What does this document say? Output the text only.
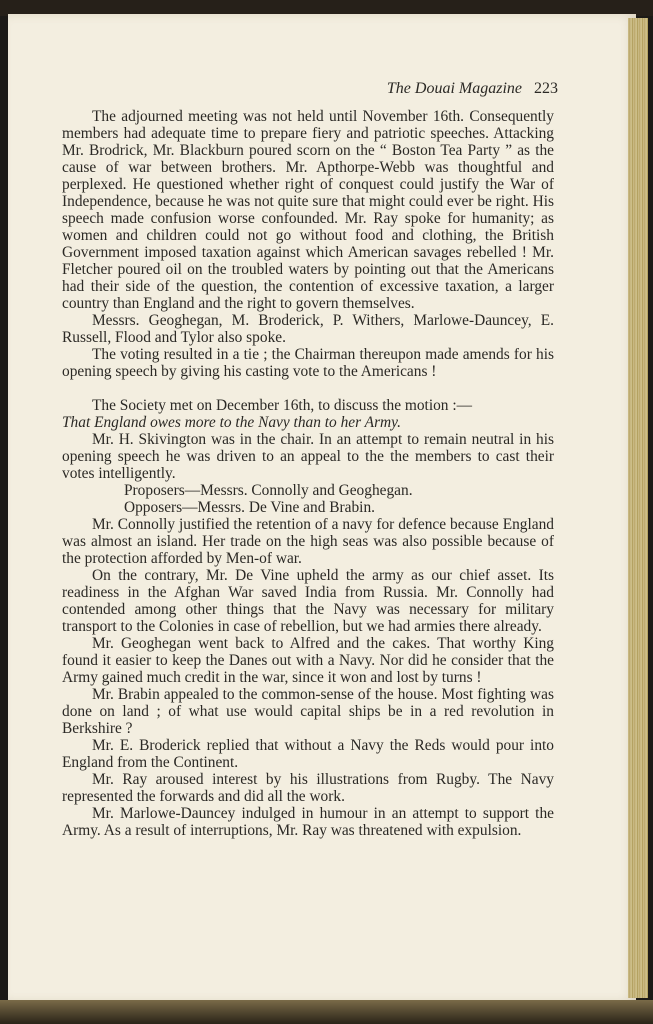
The Douai Magazine 223

The adjourned meeting was not held until November 16th. Consequently members had adequate time to prepare fiery and patriotic speeches. Attacking Mr. Brodrick, Mr. Blackburn poured scorn on the “ Boston Tea Party ” as the cause of war between brothers. Mr. Apthorpe-Webb was thoughtful and perplexed. He questioned whether right of conquest could justify the War of Independence, because he was not quite sure that might could ever be right. His speech made confusion worse confounded. Mr. Ray spoke for humanity; as women and children could not go without food and clothing, the British Government imposed taxation against which American savages rebelled ! Mr. Fletcher poured oil on the troubled waters by pointing out that the Americans had their side of the question, the contention of excessive taxation, a larger country than England and the right to govern themselves.

Messrs. Geoghegan, M. Broderick, P. Withers, Marlowe-Dauncey, E. Russell, Flood and Tylor also spoke.

The voting resulted in a tie ; the Chairman thereupon made amends for his opening speech by giving his casting vote to the Americans !

The Society met on December 16th, to discuss the motion :—

That England owes more to the Navy than to her Army.

Mr. H. Skivington was in the chair. In an attempt to remain neutral in his opening speech he was driven to an appeal to the the members to cast their votes intelligently.

Proposers—Messrs. Connolly and Geoghegan.

Opposers—Messrs. De Vine and Brabin.

Mr. Connolly justified the retention of a navy for defence because England was almost an island. Her trade on the high seas was also possible because of the protection afforded by Men-of war.

On the contrary, Mr. De Vine upheld the army as our chief asset. Its readiness in the Afghan War saved India from Russia. Mr. Connolly had contended among other things that the Navy was necessary for military transport to the Colonies in case of rebellion, but we had armies there already.

Mr. Geoghegan went back to Alfred and the cakes. That worthy King found it easier to keep the Danes out with a Navy. Nor did he consider that the Army gained much credit in the war, since it won and lost by turns !

Mr. Brabin appealed to the common-sense of the house. Most fighting was done on land ; of what use would capital ships be in a red revolution in Berkshire ?

Mr. E. Broderick replied that without a Navy the Reds would pour into England from the Continent.

Mr. Ray aroused interest by his illustrations from Rugby. The Navy represented the forwards and did all the work.

Mr. Marlowe-Dauncey indulged in humour in an attempt to support the Army. As a result of interruptions, Mr. Ray was threatened with expulsion.
